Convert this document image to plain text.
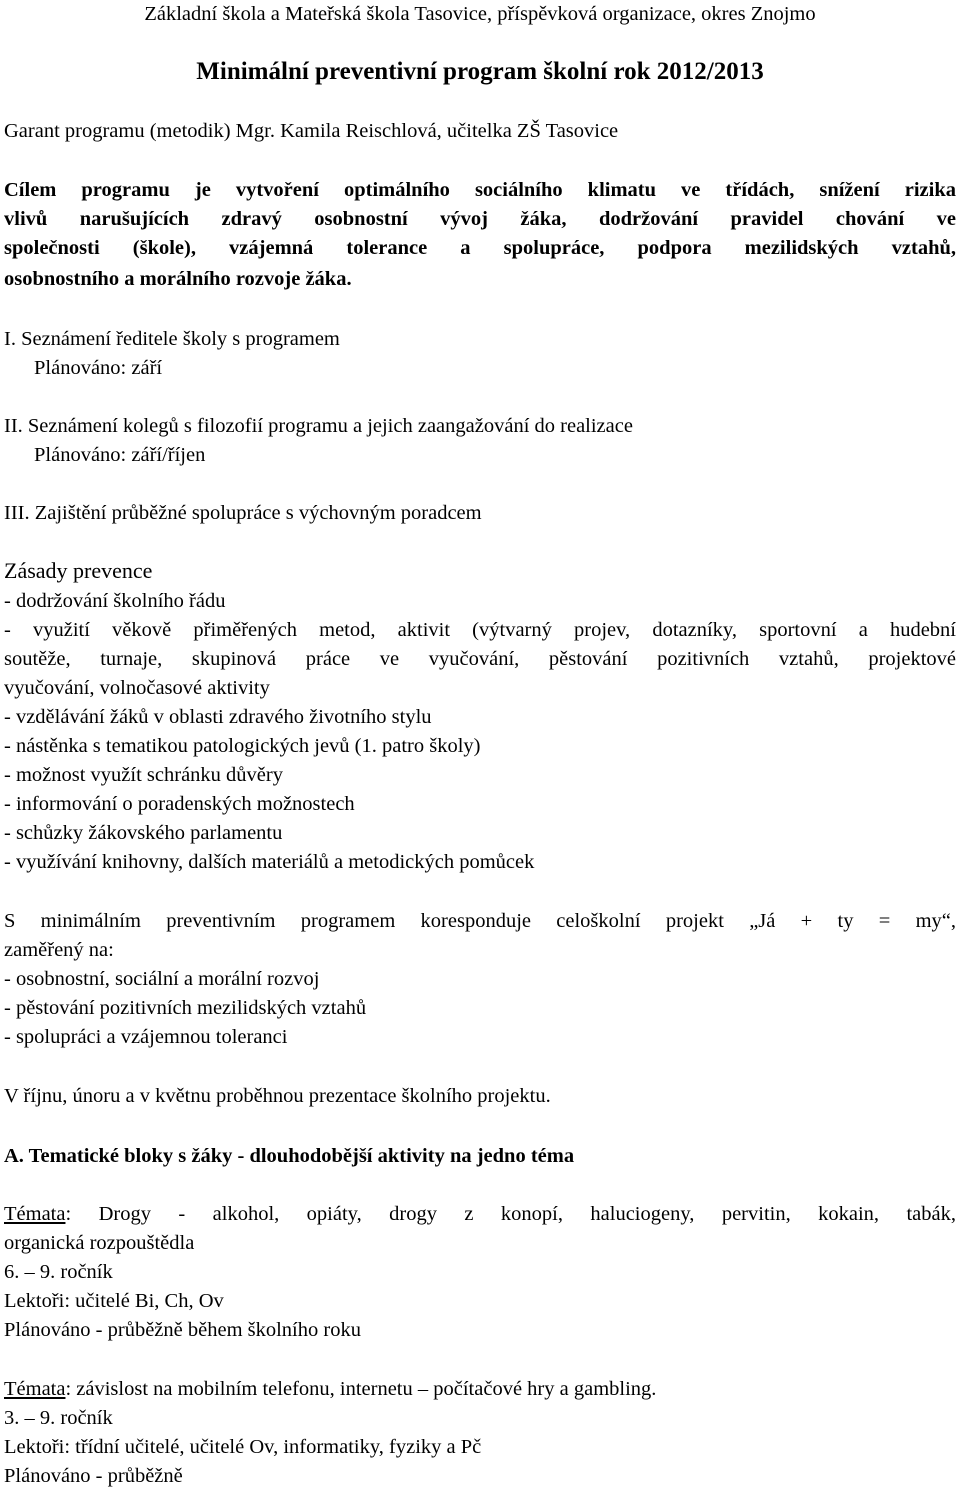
Základní škola a Mateřská škola Tasovice, příspěvková organizace, okres Znojmo
Minimální preventivní program školní rok 2012/2013
Garant programu (metodik) Mgr. Kamila Reischlová, učitelka ZŠ Tasovice
Cílem programu je vytvoření optimálního sociálního klimatu ve třídách, snížení rizika
vlivů narušujících zdravý osobnostní vývoj žáka, dodržování pravidel chování ve
společnosti (škole), vzájemná tolerance a spolupráce, podpora mezilidských vztahů,
osobnostního a morálního rozvoje žáka.
I. Seznámení ředitele školy s programem
Plánováno: září
II. Seznámení kolegů s filozofií programu a jejich zaangažování do realizace
Plánováno: září/říjen
III. Zajištění průběžné spolupráce s výchovným poradcem
Zásady prevence
- dodržování školního řádu
- využití věkově přiměřených metod, aktivit (výtvarný projev, dotazníky, sportovní a hudební
soutěže, turnaje, skupinová práce ve vyučování, pěstování pozitivních vztahů, projektové
vyučování, volnočasové aktivity
- vzdělávání žáků v oblasti zdravého životního stylu
- nástěnka s tematikou patologických jevů (1. patro školy)
- možnost využít schránku důvěry
- informování o poradenských možnostech
- schůzky žákovského parlamentu
- využívání knihovny, dalších materiálů a metodických pomůcek
S minimálním preventivním programem koresponduje celoškolní projekt „Já + ty = my“,
zaměřený na:
- osobnostní, sociální a morální rozvoj
- pěstování pozitivních mezilidských vztahů
- spolupráci a vzájemnou toleranci
V říjnu, únoru a v květnu proběhnou prezentace školního projektu.
A. Tematické bloky s žáky - dlouhodobější aktivity na jedno téma
Témata: Drogy - alkohol, opiáty, drogy z konopí, haluciogeny, pervitin, kokain, tabák,
organická rozpouštědla
6. – 9. ročník
Lektoři: učitelé Bi, Ch, Ov
Plánováno - průběžně během školního roku
Témata: závislost na mobilním telefonu, internetu – počítačové hry a gambling.
3. – 9. ročník
Lektoři: třídní učitelé, učitelé Ov, informatiky, fyziky a Pč
Plánováno - průběžně
